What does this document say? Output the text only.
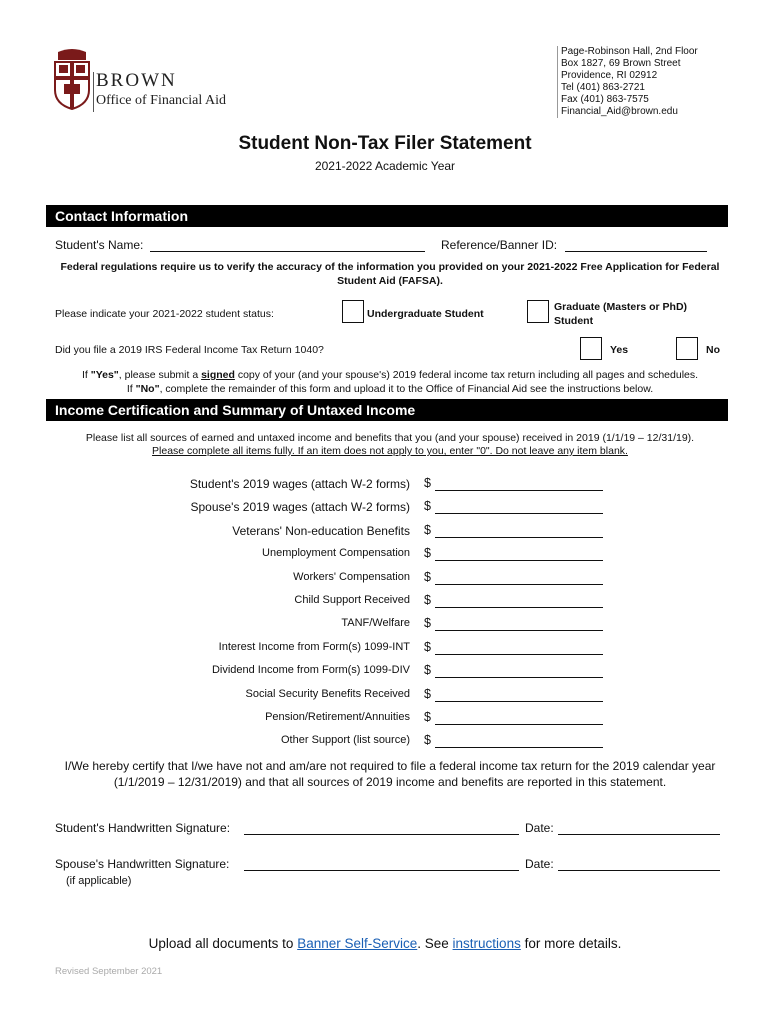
BROWN
Office of Financial Aid
Page-Robinson Hall, 2nd Floor
Box 1827, 69 Brown Street
Providence, RI 02912
Tel (401) 863-2721
Fax (401) 863-7575
Financial_Aid@brown.edu
Student Non-Tax Filer Statement
2021-2022 Academic Year
Contact Information
Student's Name:	Reference/Banner ID:
Federal regulations require us to verify the accuracy of the information you provided on your 2021-2022 Free Application for Federal Student Aid (FAFSA).
Please indicate your 2021-2022 student status:	Undergraduate Student
Graduate (Masters or PhD) Student
Did you file a 2019 IRS Federal Income Tax Return 1040?	Yes	No
If "Yes", please submit a signed copy of your (and your spouse's) 2019 federal income tax return including all pages and schedules.
If "No", complete the remainder of this form and upload it to the Office of Financial Aid see the instructions below.
Income Certification and Summary of Untaxed Income
Please list all sources of earned and untaxed income and benefits that you (and your spouse) received in 2019 (1/1/19 – 12/31/19).
Please complete all items fully. If an item does not apply to you, enter "0". Do not leave any item blank.
Student's 2019 wages (attach W-2 forms) $
Spouse's 2019 wages (attach W-2 forms) $
Veterans' Non-education Benefits $
Unemployment Compensation $
Workers' Compensation $
Child Support Received $
TANF/Welfare $
Interest Income from Form(s) 1099-INT $
Dividend Income from Form(s) 1099-DIV $
Social Security Benefits Received $
Pension/Retirement/Annuities $
Other Support (list source) $
I/We hereby certify that I/we have not and am/are not required to file a federal income tax return for the 2019 calendar year (1/1/2019 – 12/31/2019) and that all sources of 2019 income and benefits are reported in this statement.
Student's Handwritten Signature:	Date:
Spouse's Handwritten Signature:	Date:
(if applicable)
Upload all documents to Banner Self-Service. See instructions for more details.
Revised September 2021
